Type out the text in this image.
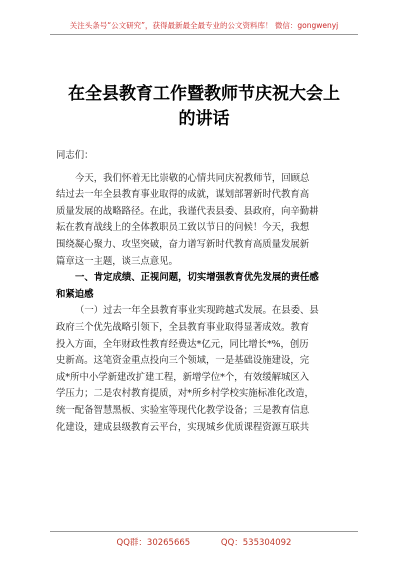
关注头条号“公文研究”，获得最新最全最专业的公文资料库！ 微信：gongwenyj
在全县教育工作暨教师节庆祝大会上
的讲话
同志们：
今天，我们怀着无比崇敬的心情共同庆祝教师节，回顾总
结过去一年全县教育事业取得的成就，谋划部署新时代教育高
质量发展的战略路径。在此，我谨代表县委、县政府，向辛勤耕
耘在教育战线上的全体教职员工致以节日的问候！今天，我想
围绕凝心聚力、攻坚突破，奋力谱写新时代教育高质量发展新
篇章这一主题，谈三点意见。
一、肯定成绩、正视问题，切实增强教育优先发展的责任感
和紧迫感
（一）过去一年全县教育事业实现跨越式发展。在县委、县
政府三个优先战略引领下，全县教育事业取得显著成效。教育
投入方面，全年财政性教育经费达*亿元，同比增长*%，创历
史新高。这笔资金重点投向三个领域，一是基础设施建设，完
成*所中小学新建改扩建工程，新增学位*个，有效缓解城区入
学压力；二是农村教育提质，对*所乡村学校实施标准化改造，
统一配备智慧黑板、实验室等现代化教学设备；三是教育信息
化建设，建成县级教育云平台，实现城乡优质课程资源互联共
QQ群：30265665	QQ：535304092
